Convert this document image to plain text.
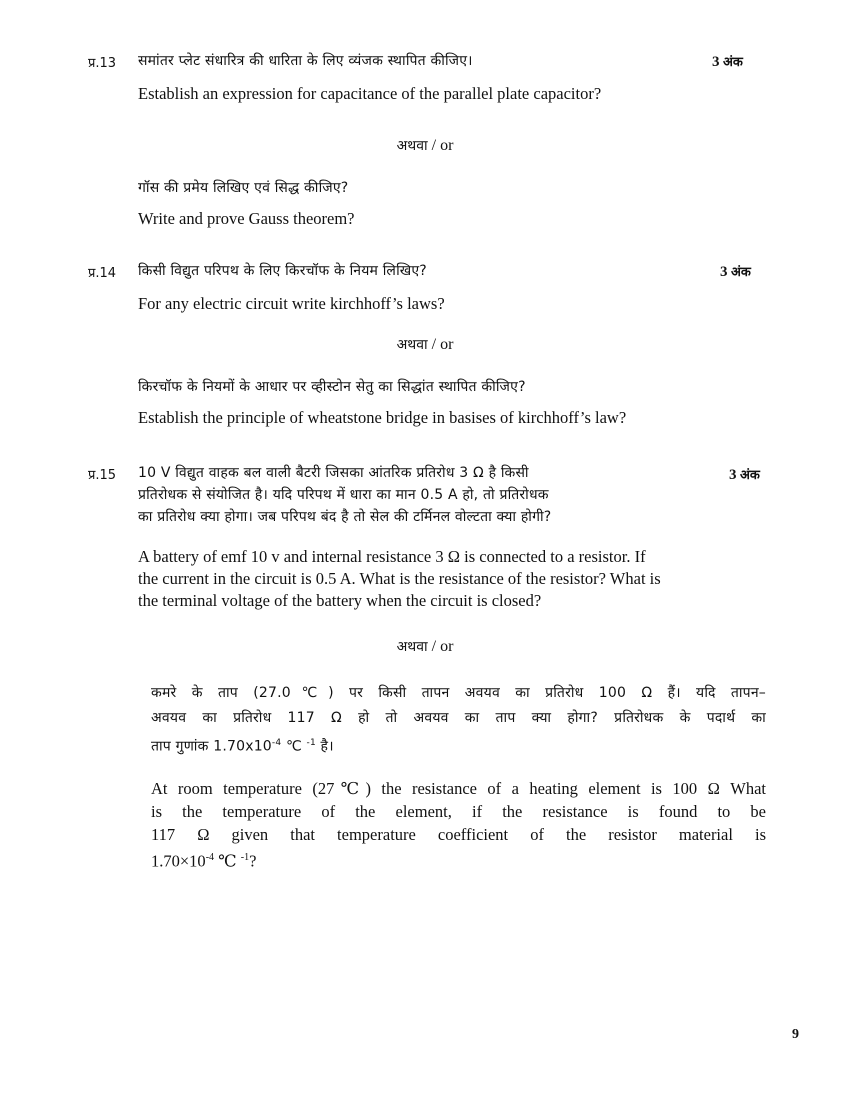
प्र.13 समांतर प्लेट संधारित्र की धारिता के लिए व्यंजक स्थापित कीजिए।	3 अंक
Establish an expression for capacitance of the parallel plate capacitor?
अथवा / or
गॉस की प्रमेय लिखिए एवं सिद्ध कीजिए?
Write and prove Gauss theorem?
प्र.14 किसी विद्युत परिपथ के लिए किरचॉफ के नियम लिखिए?	3 अंक
For any electric circuit write kirchhoff’s laws?
अथवा / or
किरचॉफ के नियमों के आधार पर व्हीस्टोन सेतु का सिद्धांत स्थापित कीजिए?
Establish the principle of wheatstone bridge in basises of kirchhoff’s law?
प्र.15 10 V विद्युत वाहक बल वाली बैटरी जिसका आंतरिक प्रतिरोध 3 Ω है किसी
प्रतिरोधक से संयोजित है। यदि परिपथ में धारा का मान 0.5 A हो, तो प्रतिरोधक
का प्रतिरोध क्या होगा। जब परिपथ बंद है तो सेल की टर्मिनल वोल्टता क्या होगी?
3 अंक
A battery of emf 10 v and internal resistance 3 Ω is connected to a resistor. If
the current in the circuit is 0.5 A. What is the resistance of the resistor? What is
the terminal voltage of the battery when the circuit is closed?
अथवा / or
कमरे के ताप (27.0℃) पर किसी तापन अवयव का प्रतिरोध 100 Ω हैं। यदि तापन–
अवयव का प्रतिरोध 117 Ω हो तो अवयव का ताप क्या होगा? प्रतिरोधक के पदार्थ का
ताप गुणांक $1.70x10^{-4}$ ℃ $^{-1}$ है।
At room temperature (27℃) the resistance of a heating element is 100 Ω What
is the temperature of the element, if the resistance is found to be
117 Ω given that temperature coefficient of the resistor material is
$1.70\times 10^{-4}$ ℃ $^{-1}$?
9
